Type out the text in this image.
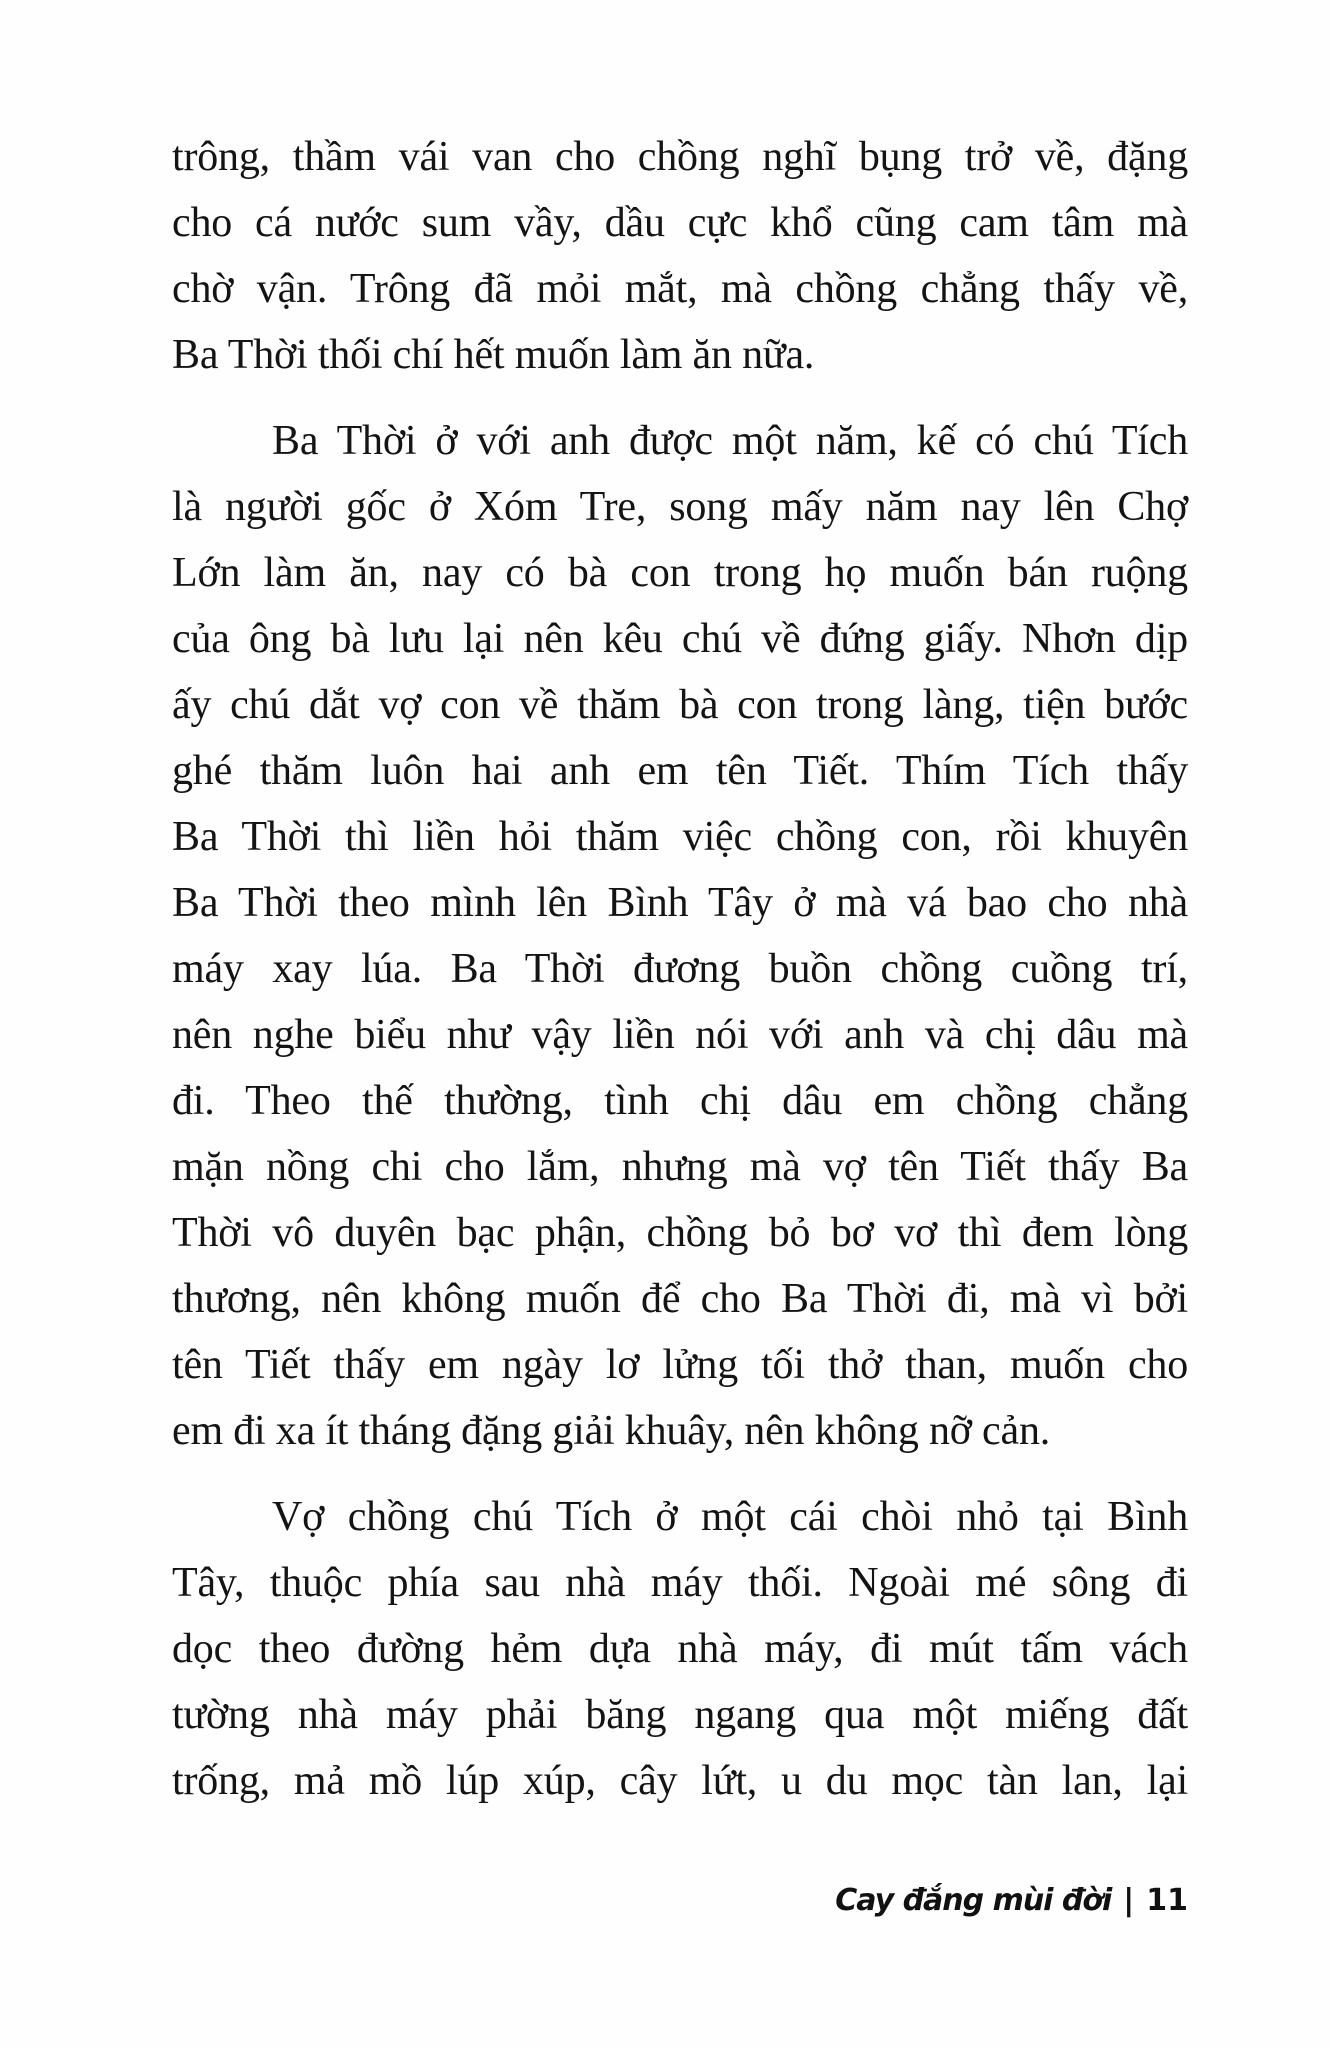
trông, thầm vái van cho chồng nghĩ bụng trở về, đặng
cho cá nước sum vầy, dầu cực khổ cũng cam tâm mà
chờ vận. Trông đã mỏi mắt, mà chồng chẳng thấy về,
Ba Thời thối chí hết muốn làm ăn nữa.
Ba Thời ở với anh được một năm, kế có chú Tích
là người gốc ở Xóm Tre, song mấy năm nay lên Chợ
Lớn làm ăn, nay có bà con trong họ muốn bán ruộng
của ông bà lưu lại nên kêu chú về đứng giấy. Nhơn dịp
ấy chú dắt vợ con về thăm bà con trong làng, tiện bước
ghé thăm luôn hai anh em tên Tiết. Thím Tích thấy
Ba Thời thì liền hỏi thăm việc chồng con, rồi khuyên
Ba Thời theo mình lên Bình Tây ở mà vá bao cho nhà
máy xay lúa. Ba Thời đương buồn chồng cuồng trí,
nên nghe biểu như vậy liền nói với anh và chị dâu mà
đi. Theo thế thường, tình chị dâu em chồng chẳng
mặn nồng chi cho lắm, nhưng mà vợ tên Tiết thấy Ba
Thời vô duyên bạc phận, chồng bỏ bơ vơ thì đem lòng
thương, nên không muốn để cho Ba Thời đi, mà vì bởi
tên Tiết thấy em ngày lơ lửng tối thở than, muốn cho
em đi xa ít tháng đặng giải khuây, nên không nỡ cản.
Vợ chồng chú Tích ở một cái chòi nhỏ tại Bình
Tây, thuộc phía sau nhà máy thối. Ngoài mé sông đi
dọc theo đường hẻm dựa nhà máy, đi mút tấm vách
tường nhà máy phải băng ngang qua một miếng đất
trống, mả mồ lúp xúp, cây lứt, u du mọc tàn lan, lại
Cay đắng mùi đời | 11
